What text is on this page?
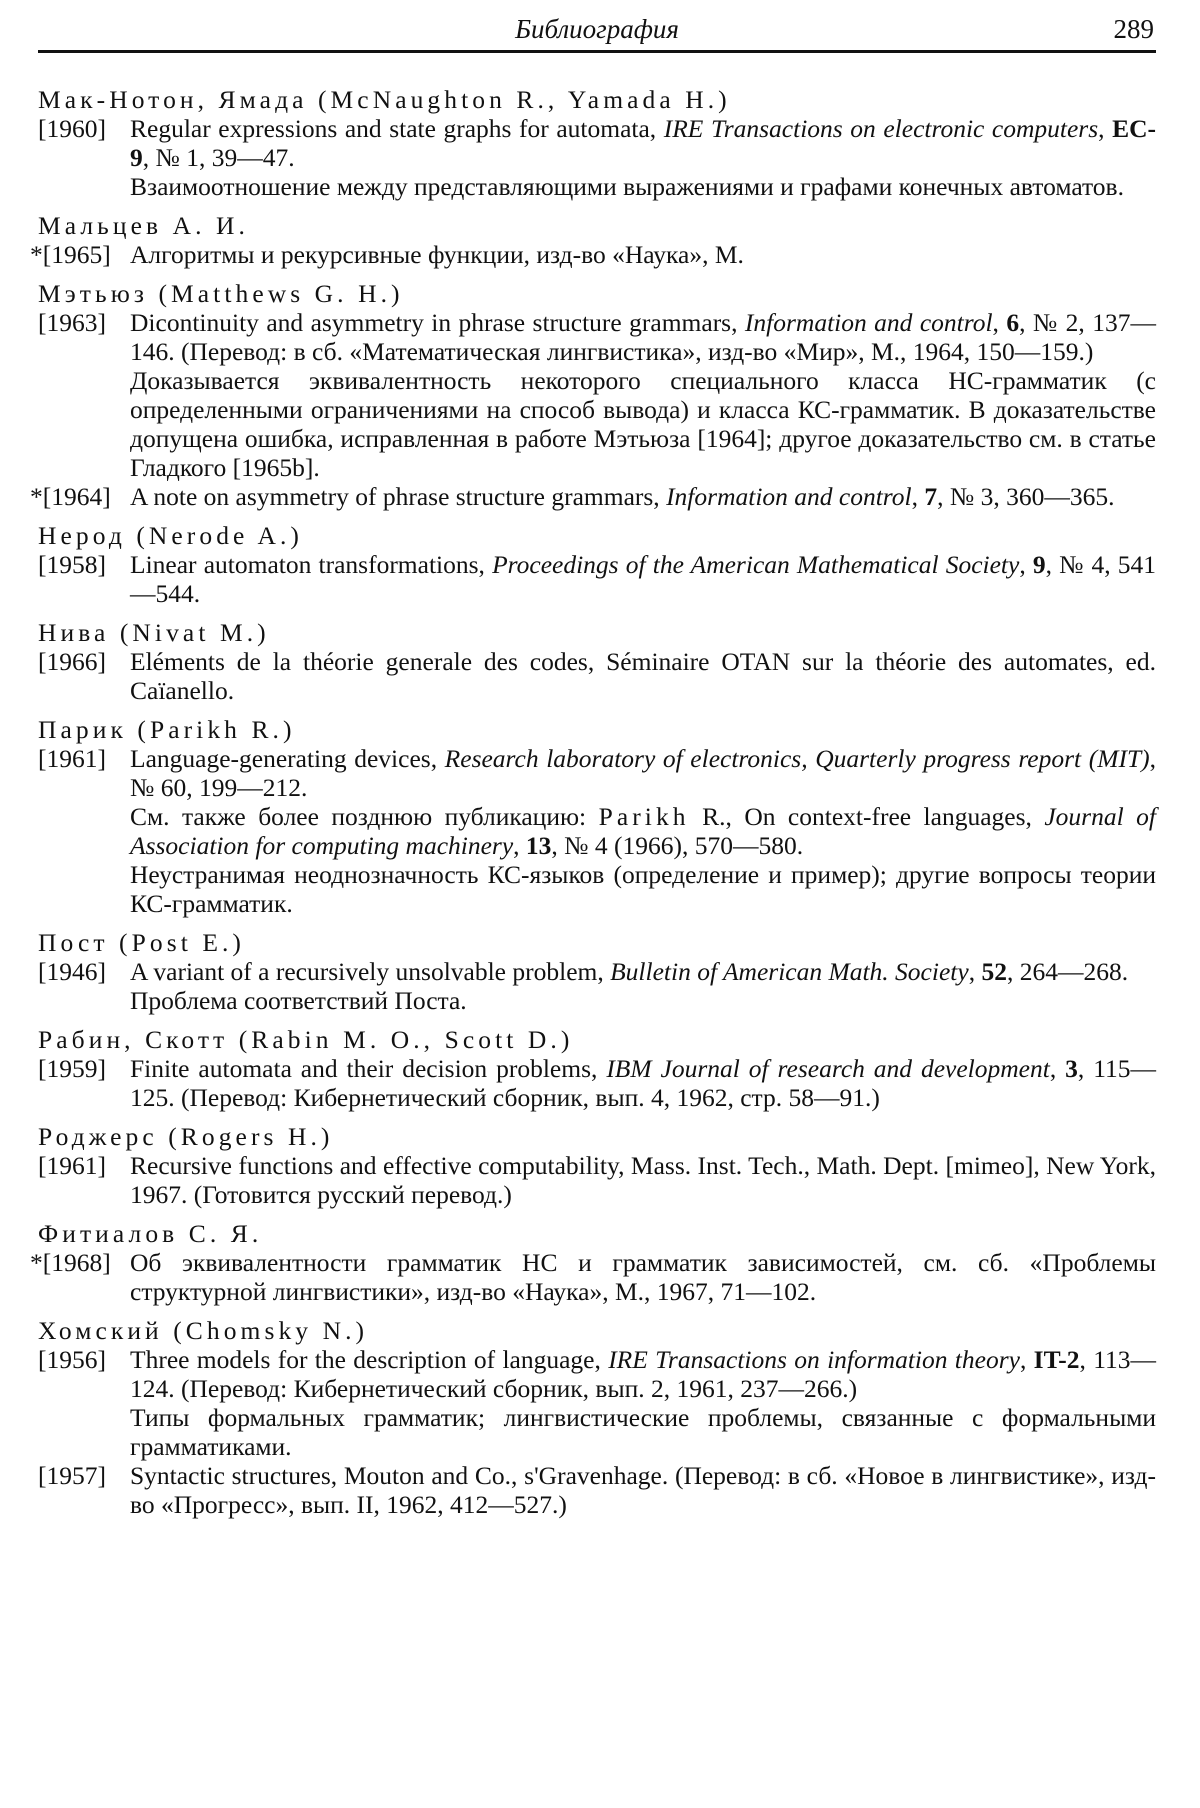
Библиография	289
Мак-Нотон, Ямада (McNaughton R., Yamada H.)
[1960] Regular expressions and state graphs for automata, IRE Transactions on electronic computers, EC-9, № 1, 39—47.
Взаимоотношение между представляющими выражениями и графами конечных автоматов.
Мальцев А. И.
*[1965] Алгоритмы и рекурсивные функции, изд-во «Наука», М.
Мэтьюз (Matthews G. H.)
[1963] Dicontinuity and asymmetry in phrase structure grammars, Information and control, 6, № 2, 137—146. (Перевод: в сб. «Математическая лингвистика», изд-во «Мир», М., 1964, 150—159.)
Доказывается эквивалентность некоторого специального класса НС-грамматик (с определенными ограничениями на способ вывода) и класса КС-грамматик. В доказательстве допущена ошибка, исправленная в работе Мэтьюза [1964]; другое доказательство см. в статье Гладкого [1965b].
*[1964] A note on asymmetry of phrase structure grammars, Information and control, 7, № 3, 360—365.
Нерод (Nerode A.)
[1958] Linear automaton transformations, Proceedings of the American Mathematical Society, 9, № 4, 541—544.
Нива (Nivat M.)
[1966] Eléments de la théorie generale des codes, Séminaire OTAN sur la théorie des automates, ed. Caïanello.
Парик (Parikh R.)
[1961] Language-generating devices, Research laboratory of electronics, Quarterly progress report (MIT), № 60, 199—212.
См. также более позднюю публикацию: Parikh R., On context-free languages, Journal of Association for computing machinery, 13, № 4 (1966), 570—580.
Неустранимая неоднозначность КС-языков (определение и пример); другие вопросы теории КС-грамматик.
Пост (Post E.)
[1946] A variant of a recursively unsolvable problem, Bulletin of American Math. Society, 52, 264—268.
Проблема соответствий Поста.
Рабин, Скотт (Rabin M. O., Scott D.)
[1959] Finite automata and their decision problems, IBM Journal of research and development, 3, 115—125. (Перевод: Кибернетический сборник, вып. 4, 1962, стр. 58—91.)
Роджерс (Rogers H.)
[1961] Recursive functions and effective computability, Mass. Inst. Tech., Math. Dept. [mimeo], New York, 1967. (Готовится русский перевод.)
Фитиалов С. Я.
*[1968] Об эквивалентности грамматик НС и грамматик зависимостей, см. сб. «Проблемы структурной лингвистики», изд-во «Наука», М., 1967, 71—102.
Хомский (Chomsky N.)
[1956] Three models for the description of language, IRE Transactions on information theory, IT-2, 113—124. (Перевод: Кибернетический сборник, вып. 2, 1961, 237—266.)
Типы формальных грамматик; лингвистические проблемы, связанные с формальными грамматиками.
[1957] Syntactic structures, Mouton and Co., s'Gravenhage. (Перевод: в сб. «Новое в лингвистике», изд-во «Прогресс», вып. II, 1962, 412—527.)
